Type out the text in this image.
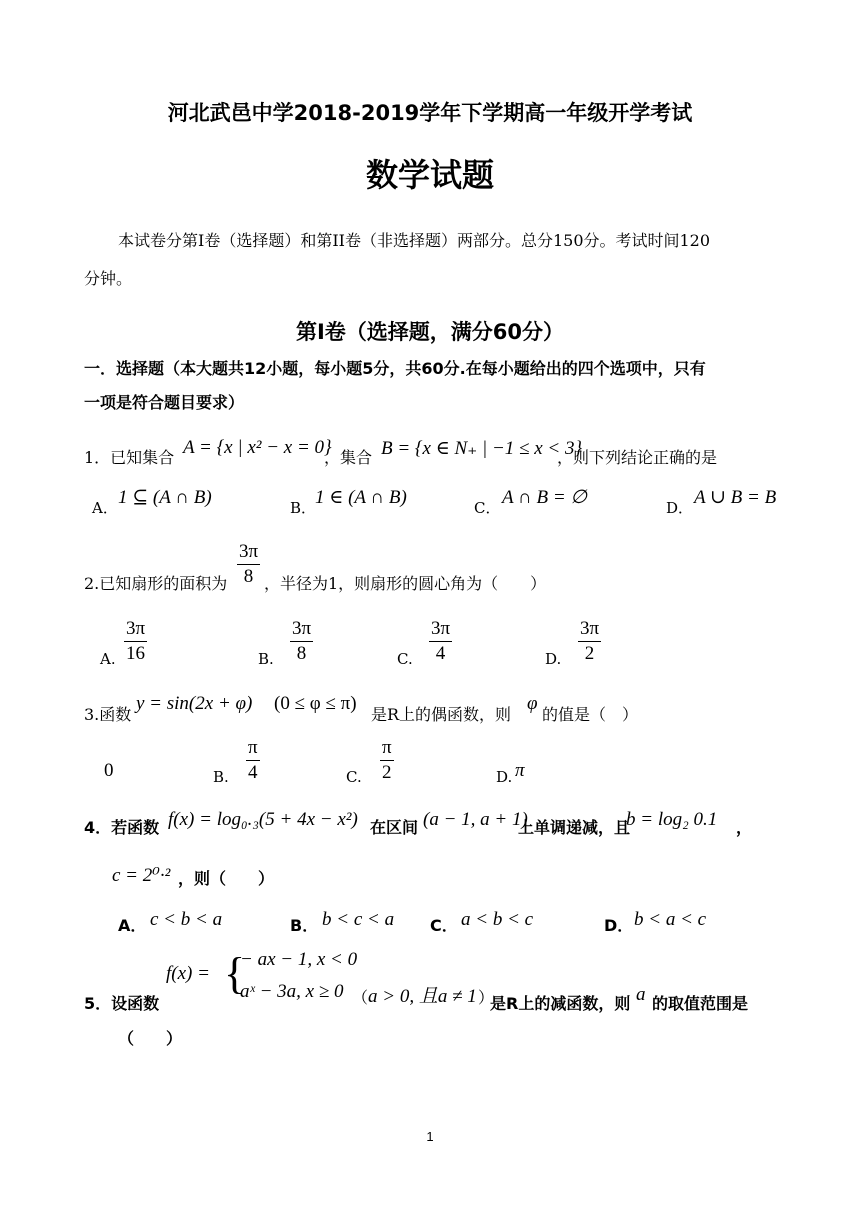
河北武邑中学2018-2019学年下学期高一年级开学考试
数学试题
本试卷分第Ⅰ卷（选择题）和第II卷（非选择题）两部分。总分150分。考试时间120
分钟。
第Ⅰ卷（选择题，满分60分）
一．选择题（本大题共12小题，每小题5分，共60分.在每小题给出的四个选项中，只有
一项是符合题目要求）
1．已知集合 A = {x | x² − x = 0}
，集合 B = {x ∈ N₊ | −1 ≤ x < 3}
，则下列结论正确的是
A． 1 ⊆ (A ∩ B)	B．
1 ∈ (A ∩ B)	C． A ∩ B = ∅	D． A ∪ B = B
2.已知扇形的面积为 $\frac{3\pi}{8}$ ，半径为1，则扇形的圆心角为（　　）
A. $\frac{3\pi}{16}$	B. $\frac{3\pi}{8}$	C. $\frac{3\pi}{4}$	D. $\frac{3\pi}{2}$
3.函数
y = sin(2x + φ) (0 ≤ φ ≤ π)
是R上的偶函数，则
φ
的值是（　）
0	B. $\frac{\pi}{4}$	C. $\frac{\pi}{2}$	D. π
4．若函数 f(x) = log₀.₃(5 + 4x − x²) 在区间 (a − 1, a + 1)
上单调递减，且
b = log₂ 0.1 ，
c = 2⁰·² ，则（　　）
A． c < b < a	B． b < c < a C． a < b < c	D． b < a < c
f(x) = {
− ax − 1, x < 0
aˣ − 3a, x ≥ 0
5．设函数	（ a > 0, 且a ≠ 1 ）
是R上的减函数，则 a 的取值范围是
（　　）
1
